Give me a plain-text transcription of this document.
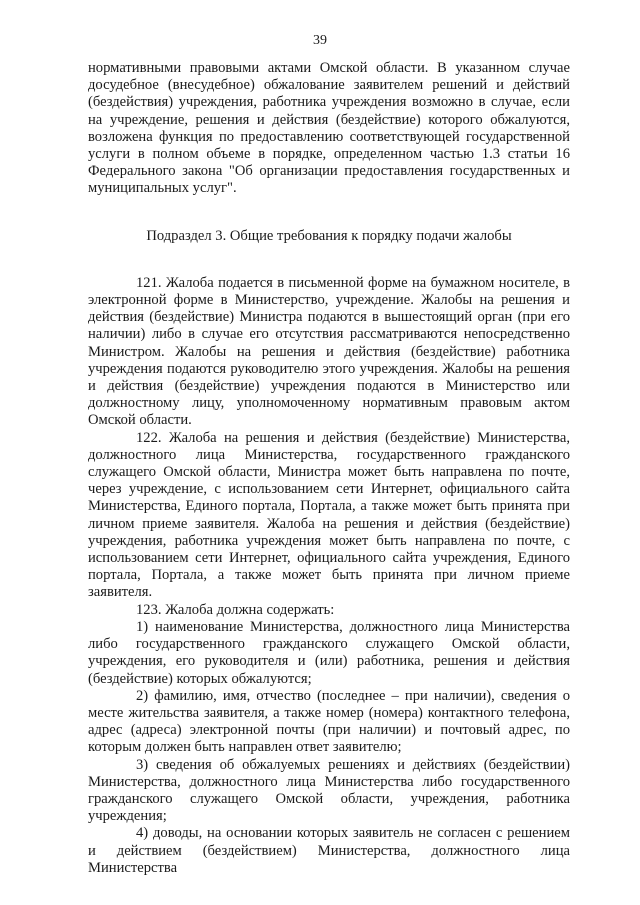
39

нормативными правовыми актами Омской области. В указанном случае досудебное (внесудебное) обжалование заявителем решений и действий (бездействия) учреждения, работника учреждения возможно в случае, если на учреждение, решения и действия (бездействие) которого обжалуются, возложена функция по предоставлению соответствующей государственной услуги в полном объеме в порядке, определенном частью 1.3 статьи 16 Федерального закона "Об организации предоставления государственных и муниципальных услуг".

Подраздел 3. Общие требования к порядку подачи жалобы

121. Жалоба подается в письменной форме на бумажном носителе, в электронной форме в Министерство, учреждение. Жалобы на решения и действия (бездействие) Министра подаются в вышестоящий орган (при его наличии) либо в случае его отсутствия рассматриваются непосредственно Министром. Жалобы на решения и действия (бездействие) работника учреждения подаются руководителю этого учреждения. Жалобы на решения и действия (бездействие) учреждения подаются в Министерство или должностному лицу, уполномоченному нормативным правовым актом Омской области.

122. Жалоба на решения и действия (бездействие) Министерства, должностного лица Министерства, государственного гражданского служащего Омской области, Министра может быть направлена по почте, через учреждение, с использованием сети Интернет, официального сайта Министерства, Единого портала, Портала, а также может быть принята при личном приеме заявителя. Жалоба на решения и действия (бездействие) учреждения, работника учреждения может быть направлена по почте, с использованием сети Интернет, официального сайта учреждения, Единого портала, Портала, а также может быть принята при личном приеме заявителя.

123. Жалоба должна содержать:

1) наименование Министерства, должностного лица Министерства либо государственного гражданского служащего Омской области, учреждения, его руководителя и (или) работника, решения и действия (бездействие) которых обжалуются;

2) фамилию, имя, отчество (последнее – при наличии), сведения о месте жительства заявителя, а также номер (номера) контактного телефона, адрес (адреса) электронной почты (при наличии) и почтовый адрес, по которым должен быть направлен ответ заявителю;

3) сведения об обжалуемых решениях и действиях (бездействии) Министерства, должностного лица Министерства либо государственного гражданского служащего Омской области, учреждения, работника учреждения;

4) доводы, на основании которых заявитель не согласен с решением и действием (бездействием) Министерства, должностного лица Министерства
